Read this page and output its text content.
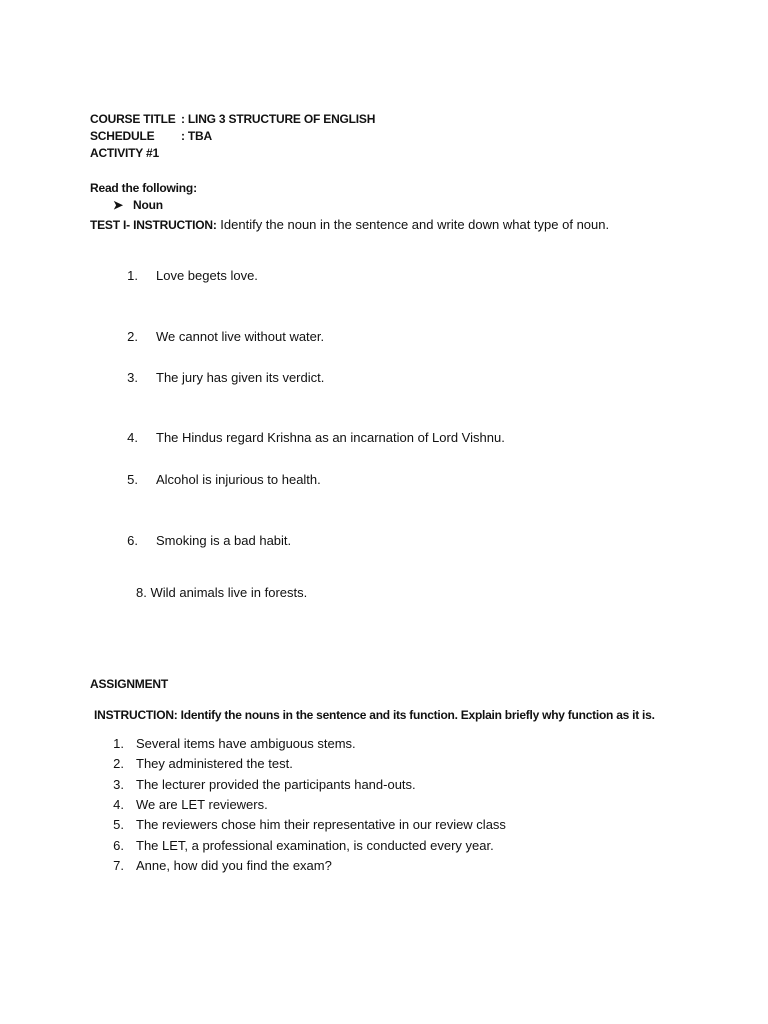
COURSE TITLE : LING 3 STRUCTURE OF ENGLISH
SCHEDULE : TBA
ACTIVITY #1
Read the following:
➤ Noun
TEST I- INSTRUCTION: Identify the noun in the sentence and write down what type of noun.
1. Love begets love.
2. We cannot live without water.
3. The jury has given its verdict.
4. The Hindus regard Krishna as an incarnation of Lord Vishnu.
5. Alcohol is injurious to health.
6. Smoking is a bad habit.
8. Wild animals live in forests.
ASSIGNMENT
INSTRUCTION: Identify the nouns in the sentence and its function. Explain briefly why function as it is.
1. Several items have ambiguous stems.
2. They administered the test.
3. The lecturer provided the participants hand-outs.
4. We are LET reviewers.
5. The reviewers chose him their representative in our review class
6. The LET, a professional examination, is conducted every year.
7. Anne, how did you find the exam?
